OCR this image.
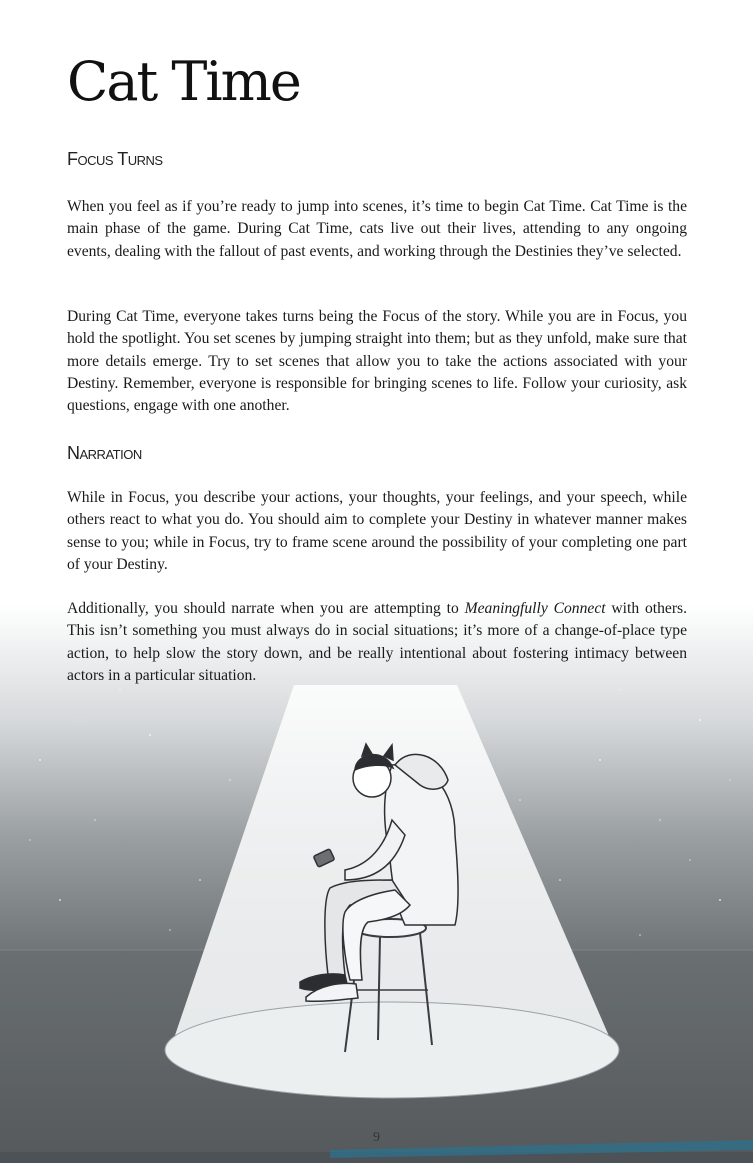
Cat Time
Focus Turns

When you feel as if you’re ready to jump into scenes, it’s time to begin Cat Time. Cat Time is the main phase of the game. During Cat Time, cats live out their lives, attending to any ongoing events, dealing with the fallout of past events, and working through the Destinies they’ve selected.

During Cat Time, everyone takes turns being the Focus of the story. While you are in Focus, you hold the spotlight. You set scenes by jumping straight into them; but as they unfold, make sure that more details emerge. Try to set scenes that allow you to take the actions associated with your Destiny. Remember, everyone is responsible for bringing scenes to life. Follow your curiosity, ask questions, engage with one another.

Narration

While in Focus, you describe your actions, your thoughts, your feelings, and your speech, while others react to what you do. You should aim to complete your Destiny in whatever manner makes sense to you; while in Focus, try to frame scene around the possibility of your completing one part of your Destiny.

Additionally, you should narrate when you are attempting to Meaningfully Connect with others. This isn’t something you must always do in social situations; it’s more of a change-of-place type action, to help slow the story down, and be really intentional about fostering intimacy between actors in a particular situation.

9
